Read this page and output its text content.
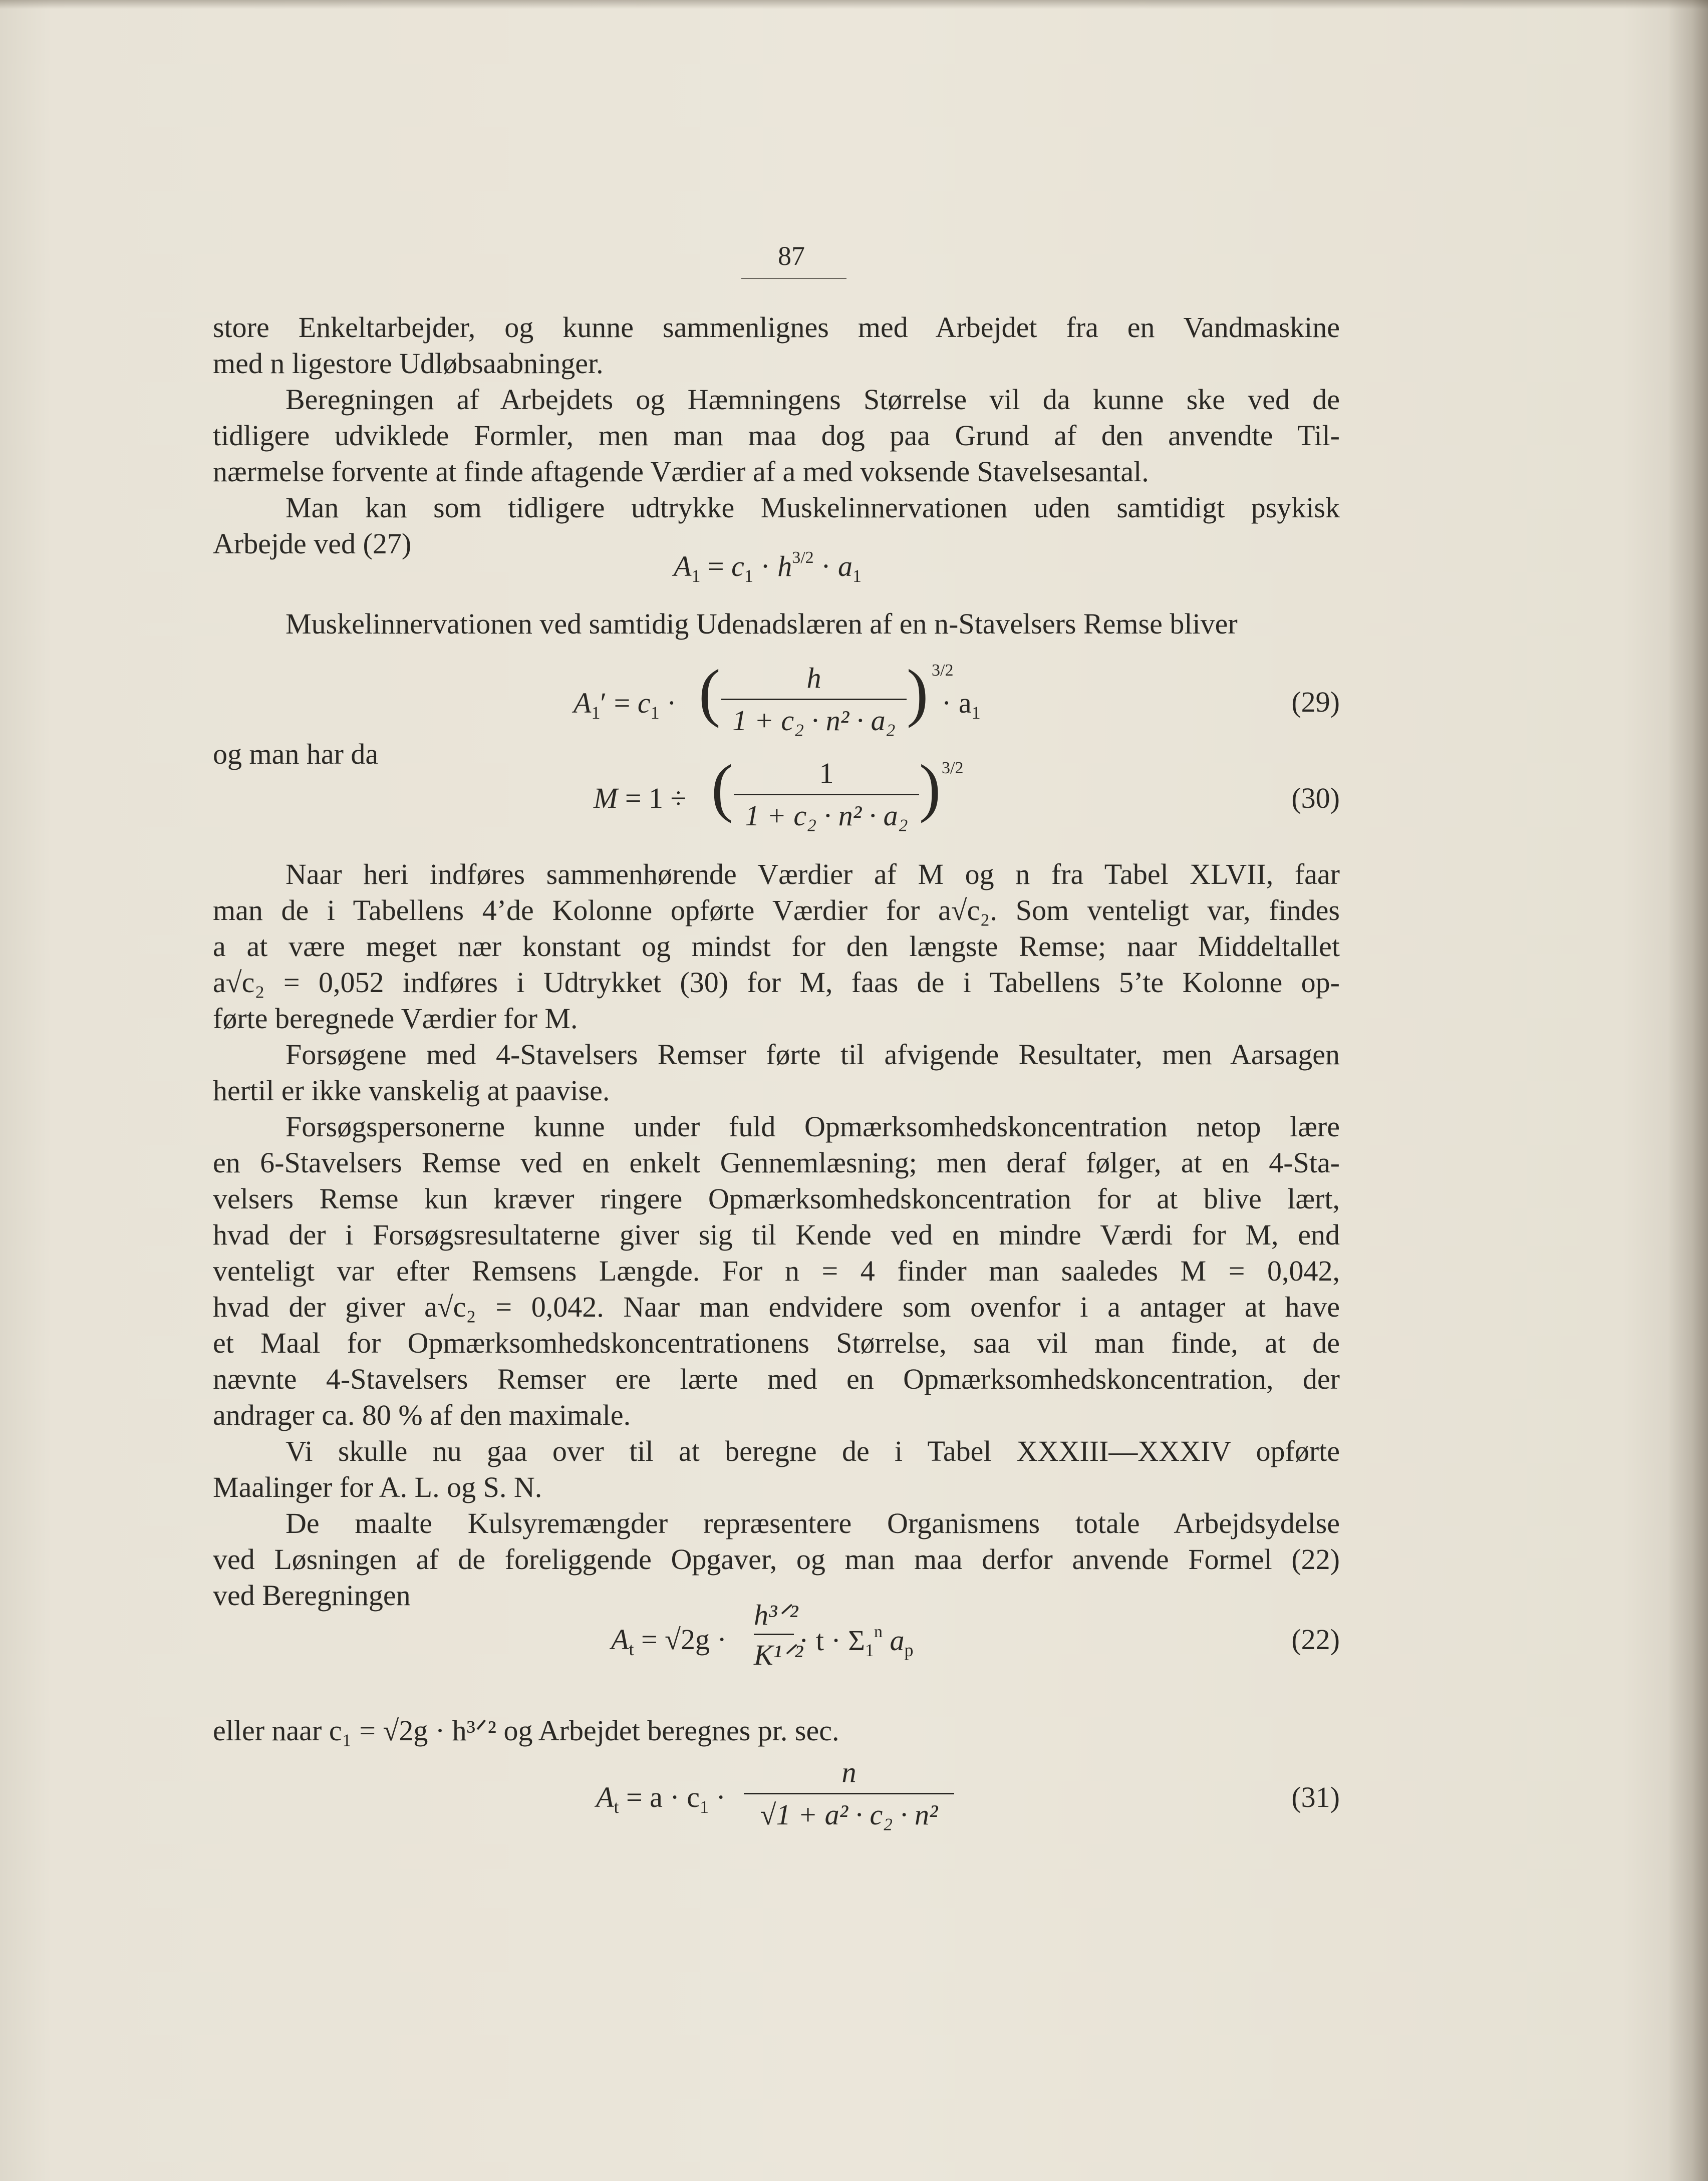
87
store Enkeltarbejder, og kunne sammenlignes med Arbejdet fra en Vandmaskine
med n ligestore Udløbsaabninger.
Beregningen af Arbejdets og Hæmningens Størrelse vil da kunne ske ved de
tidligere udviklede Formler, men man maa dog paa Grund af den anvendte Til-
nærmelse forvente at finde aftagende Værdier af a med voksende Stavelsesantal.
Man kan som tidligere udtrykke Muskelinnervationen uden samtidigt psykisk
Arbejde ved (27)
$A_1 = c_1 \cdot h^{3/2} \cdot a_1$
Muskelinnervationen ved samtidig Udenadslæren af en n-Stavelsers Remse bliver
$A_1' = c_1$ · (	h
1 + c₂ · n² · a₂ ) 3/2
· $a_1$	(29)
og man har da
M = 1 ÷ (	1
1 + c₂ · n² · a₂ ) 3/2
(30)
Naar heri indføres sammenhørende Værdier af M og n fra Tabel XLVII, faar
man de i Tabellens 4’de Kolonne opførte Værdier for a√c₂. Som venteligt var, findes
a at være meget nær konstant og mindst for den længste Remse; naar Middeltallet
a√c₂ = 0,052 indføres i Udtrykket (30) for M, faas de i Tabellens 5’te Kolonne op-
førte beregnede Værdier for M.
Forsøgene med 4-Stavelsers Remser førte til afvigende Resultater, men Aarsagen
hertil er ikke vanskelig at paavise.
Forsøgspersonerne kunne under fuld Opmærksomhedskoncentration netop lære
en 6-Stavelsers Remse ved en enkelt Gennemlæsning; men deraf følger, at en 4-Sta-
velsers Remse kun kræver ringere Opmærksomhedskoncentration for at blive lært,
hvad der i Forsøgsresultaterne giver sig til Kende ved en mindre Værdi for M, end
venteligt var efter Remsens Længde. For n = 4 finder man saaledes M = 0,042,
hvad der giver a√c₂ = 0,042. Naar man endvidere som ovenfor i a antager at have
et Maal for Opmærksomhedskoncentrationens Størrelse, saa vil man finde, at de
nævnte 4-Stavelsers Remser ere lærte med en Opmærksomhedskoncentration, der
andrager ca. 80 % af den maximale.
Vi skulle nu gaa over til at beregne de i Tabel XXXIII—XXXIV opførte
Maalinger for A. L. og S. N.
De maalte Kulsyremængder repræsentere Organismens totale Arbejdsydelse
ved Løsningen af de foreliggende Opgaver, og man maa derfor anvende Formel (22)
ved Beregningen
$A_t = √2g$ ·
h³ᐟ²
K¹ᐟ²
· $t \cdot \Sigma_1^n$ $a_p$	(22)
eller naar c₁ = √2g · h³ᐟ² og Arbejdet beregnes pr. sec.
$A_t = a \cdot c_1$ ·
n
√1 + a² · c₂ · n²
(31)
